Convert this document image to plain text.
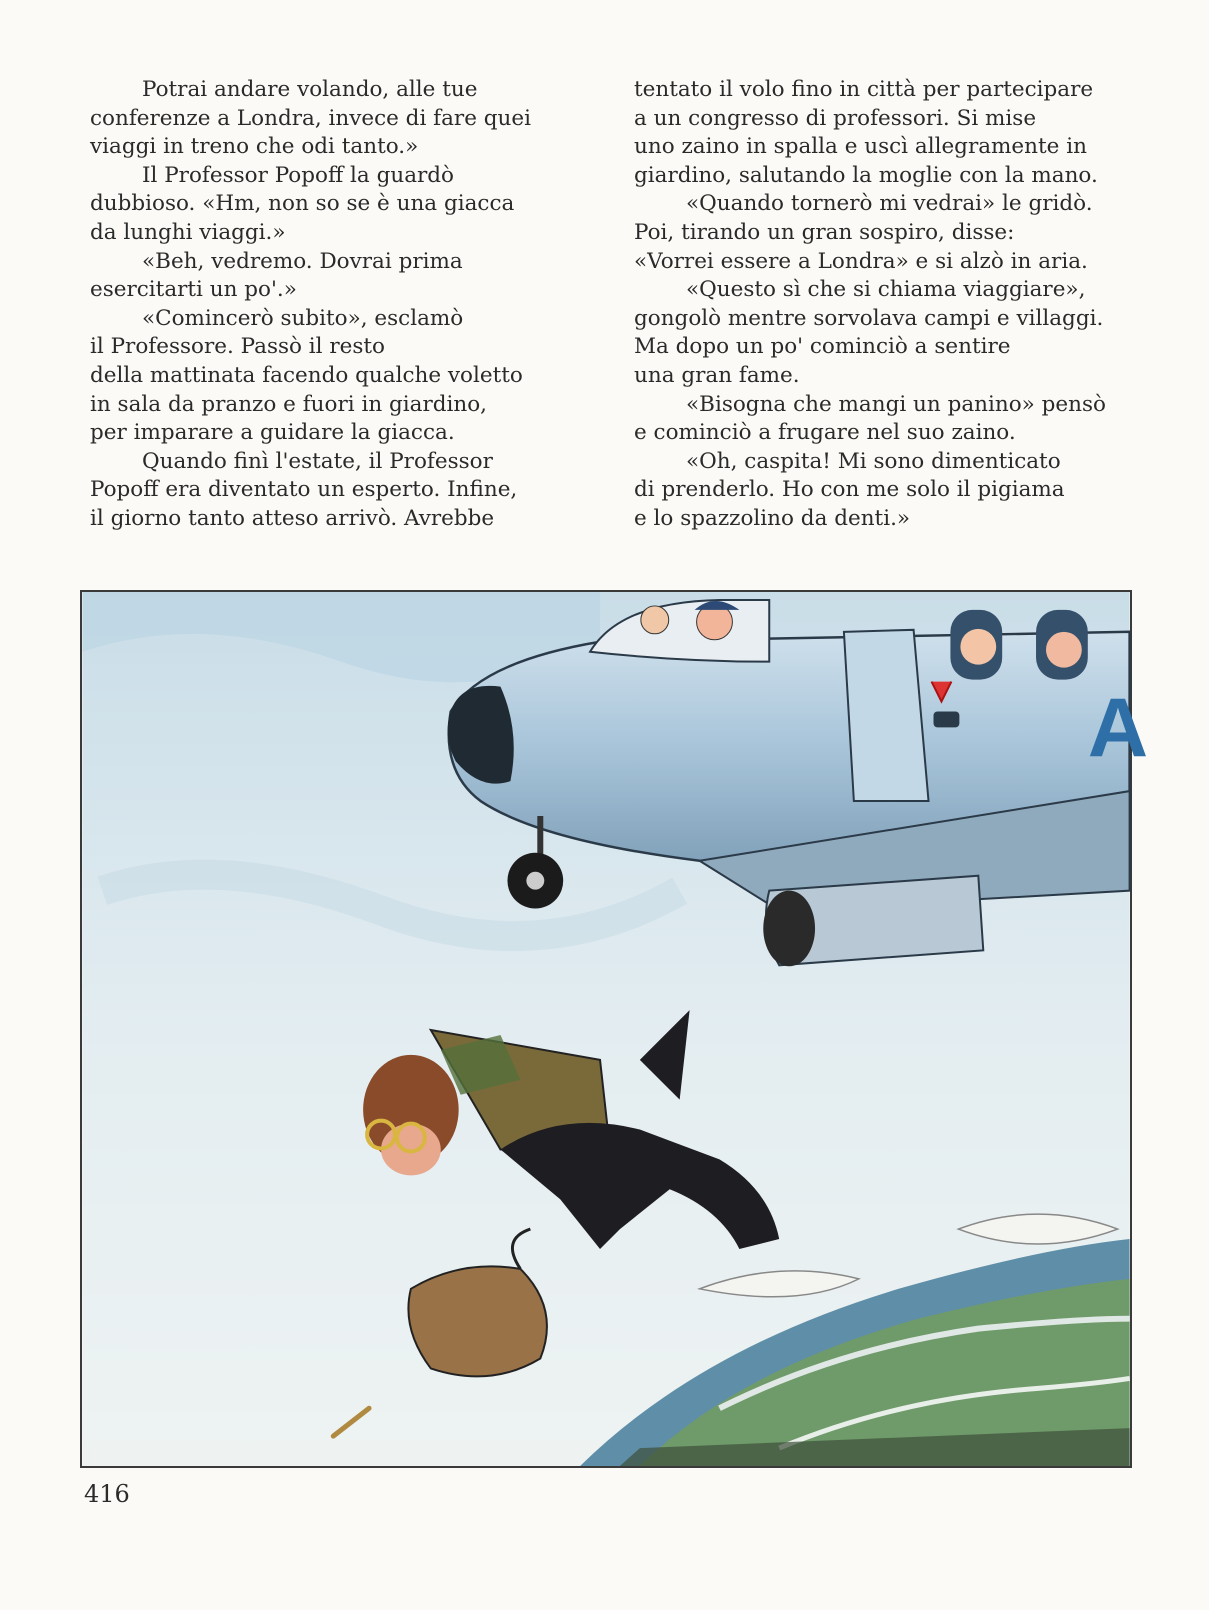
Potrai andare volando, alle tue

conferenze a Londra, invece di fare quei

viaggi in treno che odi tanto.»

Il Professor Popoff la guardò

dubbioso. «Hm, non so se è una giacca

da lunghi viaggi.»

«Beh, vedremo. Dovrai prima

esercitarti un po'.»

«Comincerò subito», esclamò

il Professore. Passò il resto

della mattinata facendo qualche voletto

in sala da pranzo e fuori in giardino,

per imparare a guidare la giacca.

Quando finì l'estate, il Professor

Popoff era diventato un esperto. Infine,

il giorno tanto atteso arrivò. Avrebbe

tentato il volo fino in città per partecipare

a un congresso di professori. Si mise

uno zaino in spalla e uscì allegramente in

giardino, salutando la moglie con la mano.

«Quando tornerò mi vedrai» le gridò.

Poi, tirando un gran sospiro, disse:

«Vorrei essere a Londra» e si alzò in aria.

«Questo sì che si chiama viaggiare»,

gongolò mentre sorvolava campi e villaggi.

Ma dopo un po' cominciò a sentire

una gran fame.

«Bisogna che mangi un panino» pensò

e cominciò a frugare nel suo zaino.

«Oh, caspita! Mi sono dimenticato

di prenderlo. Ho con me solo il pigiama

e lo spazzolino da denti.»

A
416
